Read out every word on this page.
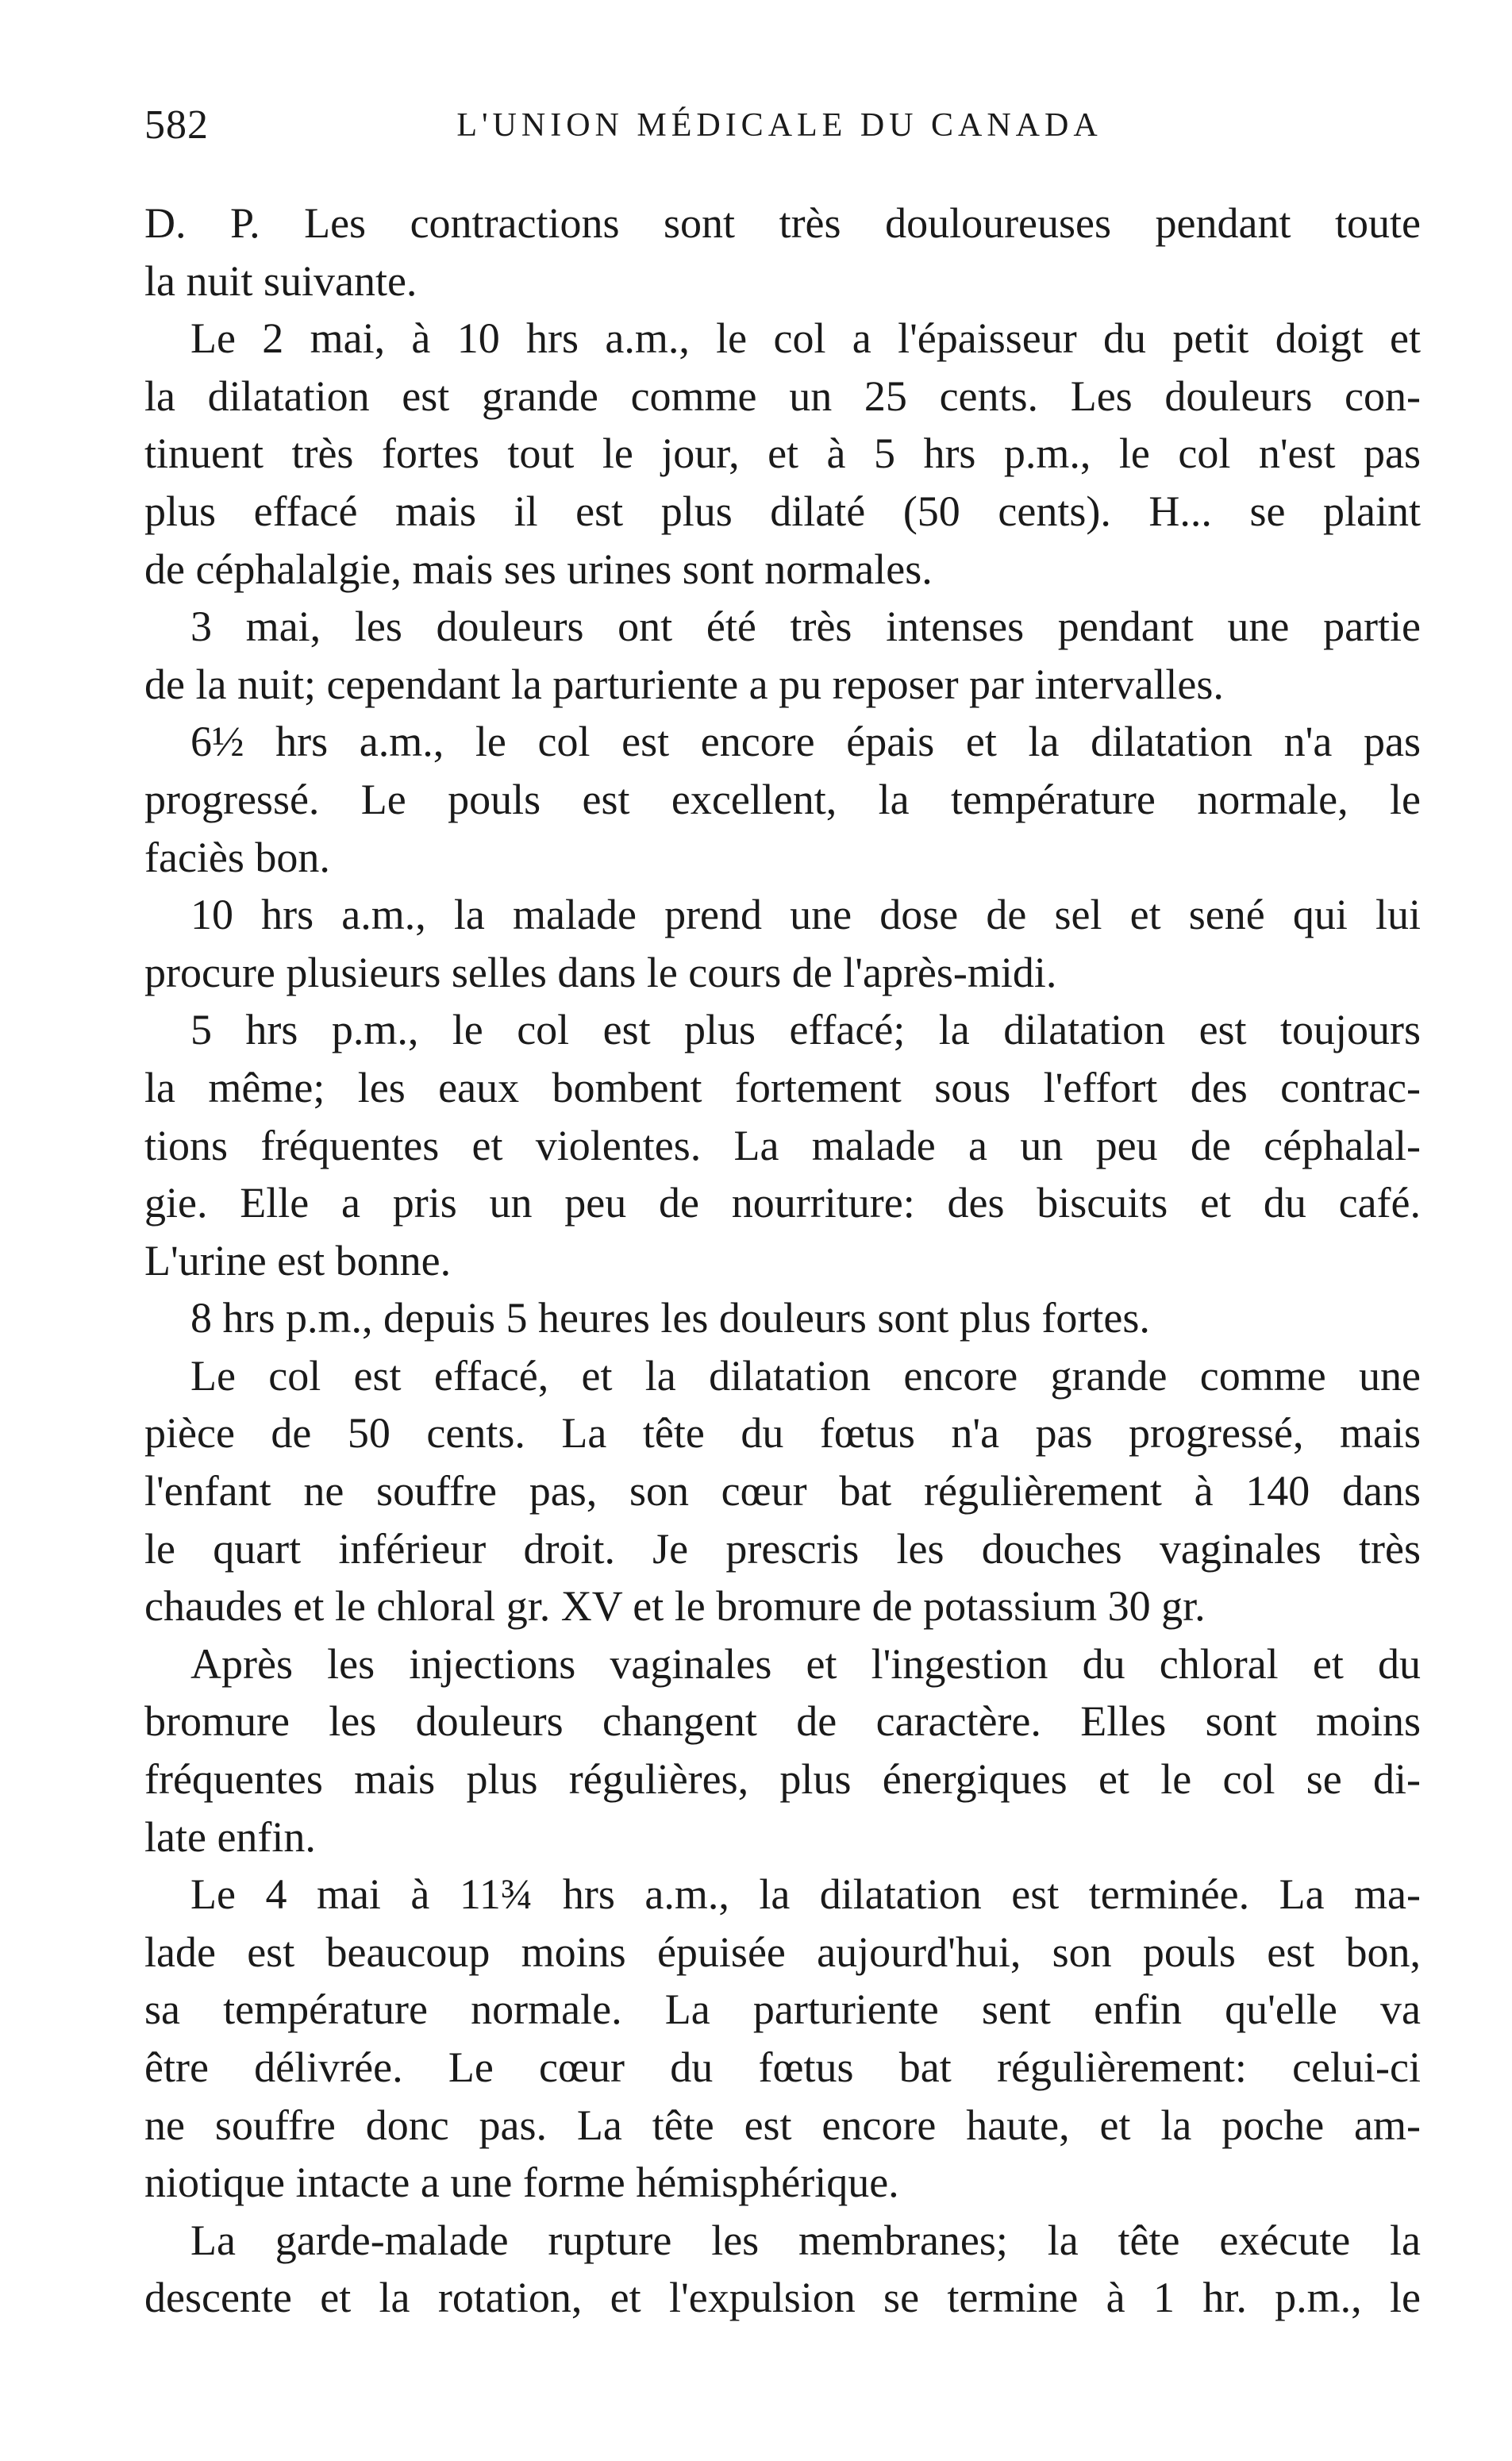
582	L'UNION MÉDICALE DU CANADA
D. P. Les contractions sont très douloureuses pendant toute
la nuit suivante.
Le 2 mai, à 10 hrs a.m., le col a l'épaisseur du petit doigt et
la dilatation est grande comme un 25 cents. Les douleurs con-
tinuent très fortes tout le jour, et à 5 hrs p.m., le col n'est pas
plus effacé mais il est plus dilaté (50 cents). H... se plaint
de céphalalgie, mais ses urines sont normales.
3 mai, les douleurs ont été très intenses pendant une partie
de la nuit; cependant la parturiente a pu reposer par intervalles.
6½ hrs a.m., le col est encore épais et la dilatation n'a pas
progressé. Le pouls est excellent, la température normale, le
faciès bon.
10 hrs a.m., la malade prend une dose de sel et sené qui lui
procure plusieurs selles dans le cours de l'après-midi.
5 hrs p.m., le col est plus effacé; la dilatation est toujours
la même; les eaux bombent fortement sous l'effort des contrac-
tions fréquentes et violentes. La malade a un peu de céphalal-
gie. Elle a pris un peu de nourriture: des biscuits et du café.
L'urine est bonne.
8 hrs p.m., depuis 5 heures les douleurs sont plus fortes.
Le col est effacé, et la dilatation encore grande comme une
pièce de 50 cents. La tête du fœtus n'a pas progressé, mais
l'enfant ne souffre pas, son cœur bat régulièrement à 140 dans
le quart inférieur droit. Je prescris les douches vaginales très
chaudes et le chloral gr. XV et le bromure de potassium 30 gr.
Après les injections vaginales et l'ingestion du chloral et du
bromure les douleurs changent de caractère. Elles sont moins
fréquentes mais plus régulières, plus énergiques et le col se di-
late enfin.
Le 4 mai à 11¾ hrs a.m., la dilatation est terminée. La ma-
lade est beaucoup moins épuisée aujourd'hui, son pouls est bon,
sa température normale. La parturiente sent enfin qu'elle va
être délivrée. Le cœur du fœtus bat régulièrement: celui-ci
ne souffre donc pas. La tête est encore haute, et la poche am-
niotique intacte a une forme hémisphérique.
La garde-malade rupture les membranes; la tête exécute la
descente et la rotation, et l'expulsion se termine à 1 hr. p.m., le
